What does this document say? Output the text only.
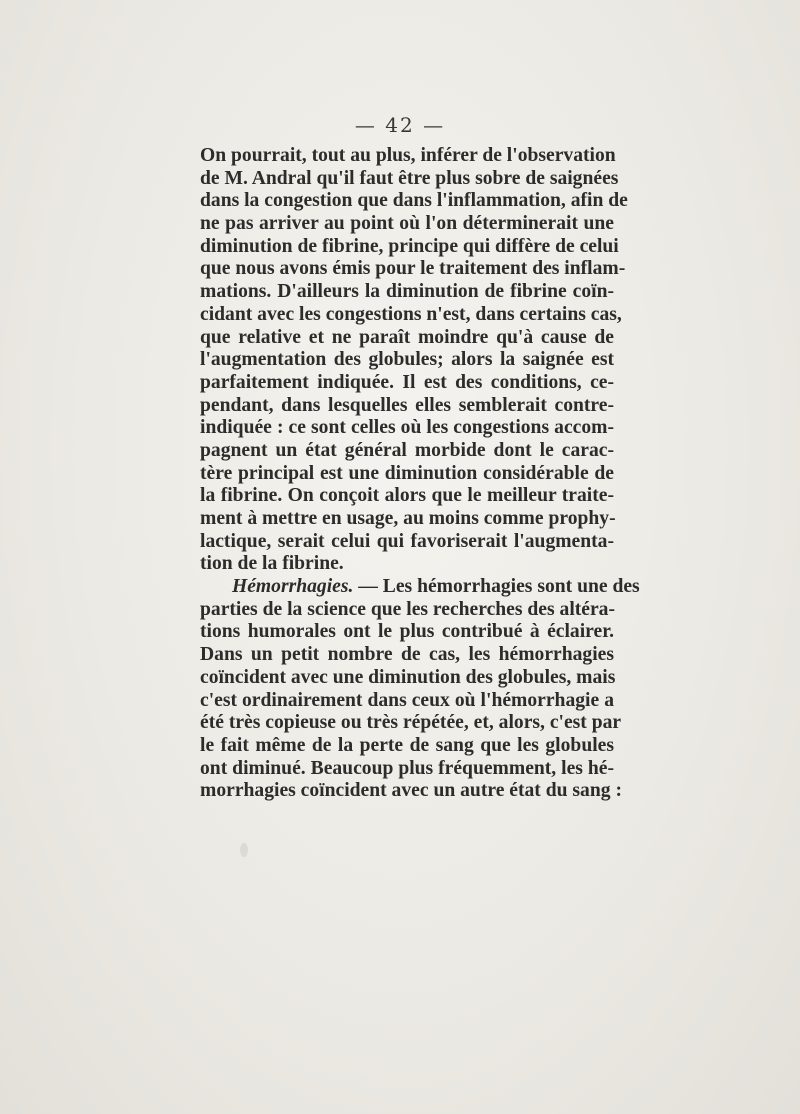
— 42 —
On pourrait, tout au plus, inférer de l'observation
de M. Andral qu'il faut être plus sobre de saignées
dans la congestion que dans l'inflammation, afin de
ne pas arriver au point où l'on déterminerait une
diminution de fibrine, principe qui diffère de celui
que nous avons émis pour le traitement des inflam-
mations. D'ailleurs la diminution de fibrine coïn-
cidant avec les congestions n'est, dans certains cas,
que relative et ne paraît moindre qu'à cause de
l'augmentation des globules; alors la saignée est
parfaitement indiquée. Il est des conditions, ce-
pendant, dans lesquelles elles semblerait contre-
indiquée : ce sont celles où les congestions accom-
pagnent un état général morbide dont le carac-
tère principal est une diminution considérable de
la fibrine. On conçoit alors que le meilleur traite-
ment à mettre en usage, au moins comme prophy-
lactique, serait celui qui favoriserait l'augmenta-
tion de la fibrine.
Hémorrhagies. — Les hémorrhagies sont une des
parties de la science que les recherches des altéra-
tions humorales ont le plus contribué à éclairer.
Dans un petit nombre de cas, les hémorrhagies
coïncident avec une diminution des globules, mais
c'est ordinairement dans ceux où l'hémorrhagie a
été très copieuse ou très répétée, et, alors, c'est par
le fait même de la perte de sang que les globules
ont diminué. Beaucoup plus fréquemment, les hé-
morrhagies coïncident avec un autre état du sang :
